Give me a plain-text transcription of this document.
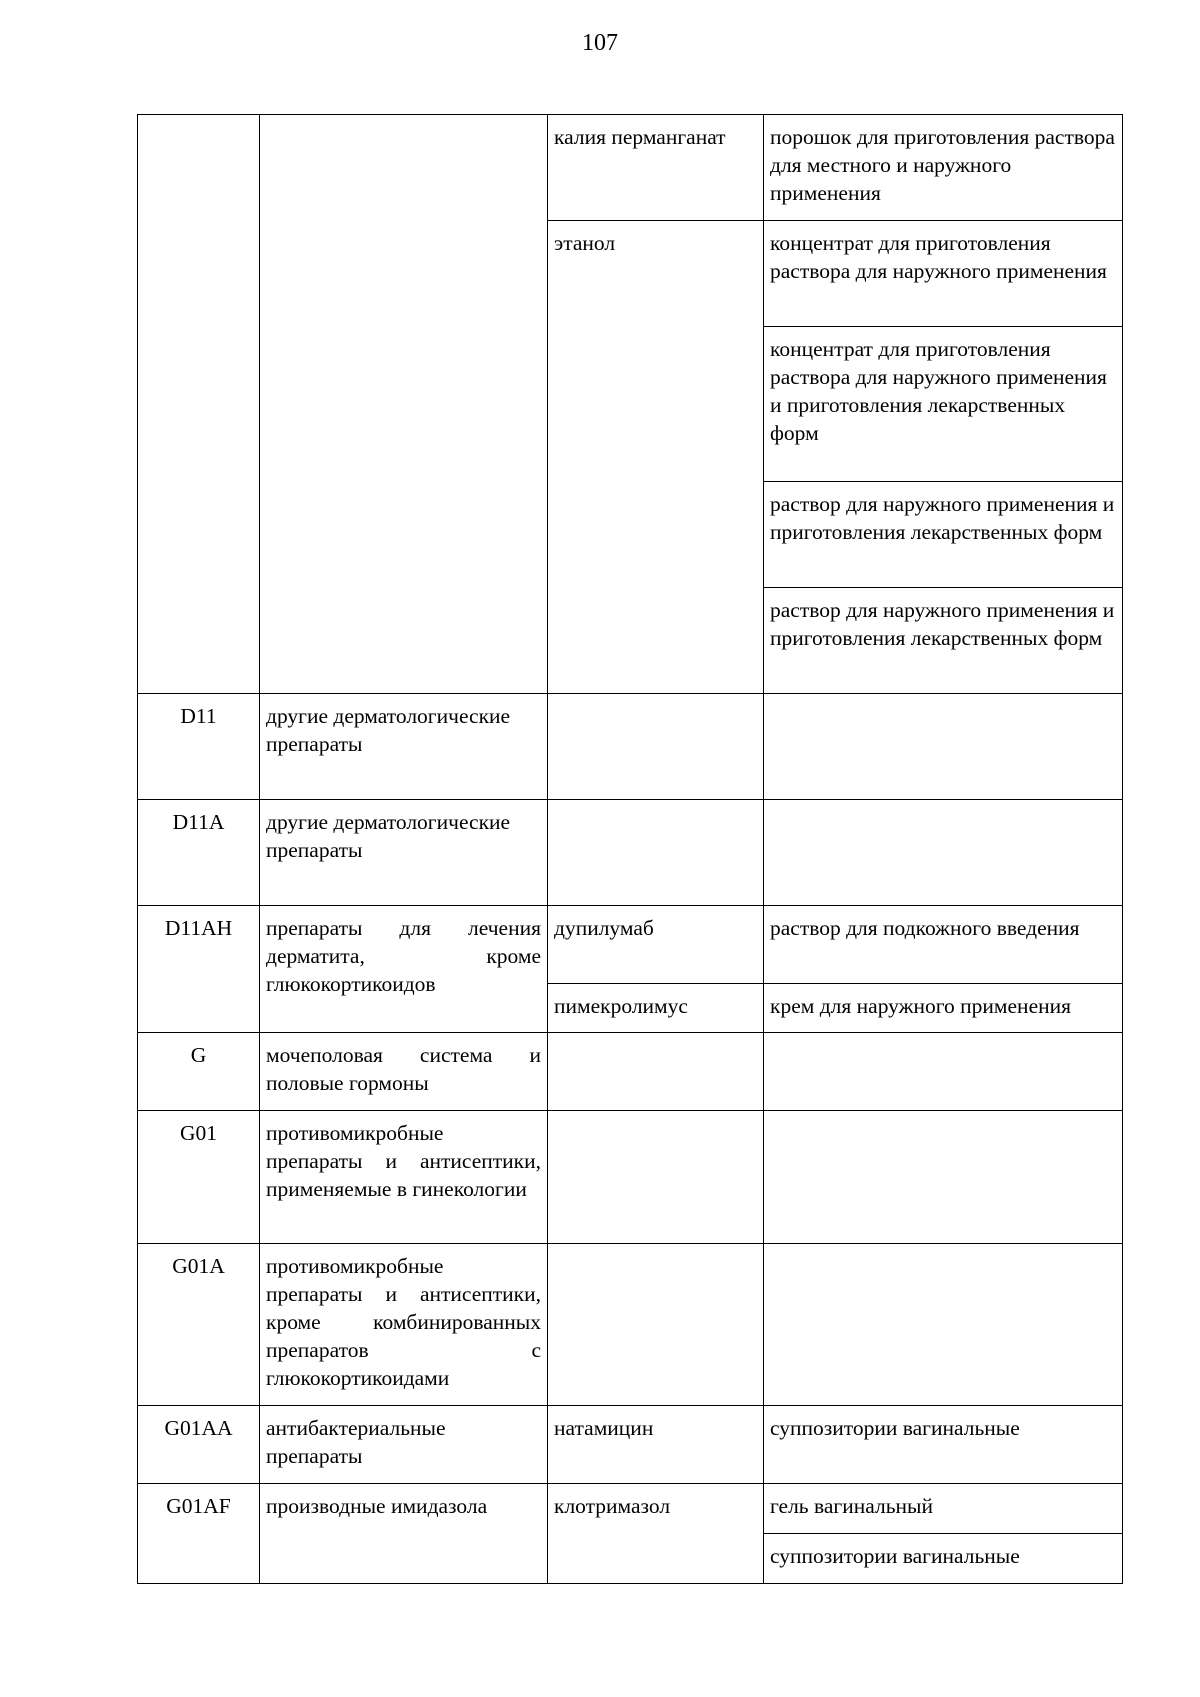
107
		калия перманганат	порошок для приготовления раствора для местного и наружного применения
		этанол	концентрат для приготовления раствора для наружного применения
			концентрат для приготовления раствора для наружного применения и приготовления лекарственных форм
			раствор для наружного применения и приготовления лекарственных форм
			раствор для наружного применения и приготовления лекарственных форм

D11	другие дерматологические препараты		
D11A	другие дерматологические препараты		
D11AH	препараты для лечения дерматита, кроме глюкокортикоидов	дупилумаб	раствор для подкожного введения
		пимекролимус	крем для наружного применения
G	мочеполовая система и половые гормоны		
G01	противомикробные препараты и антисептики, применяемые в гинекологии		
G01A	противомикробные препараты и антисептики, кроме комбинированных препаратов с глюкокортикоидами		
G01AA	антибактериальные препараты	натамицин	суппозитории вагинальные
G01AF	производные имидазола	клотримазол	гель вагинальный
			суппозитории вагинальные
